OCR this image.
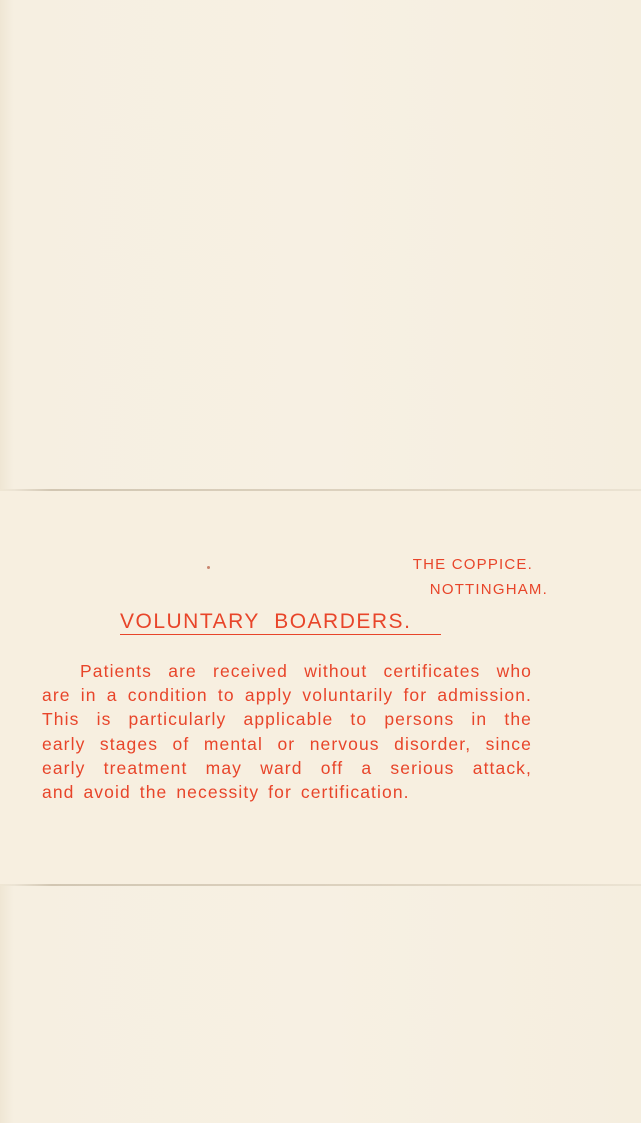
THE COPPICE.
NOTTINGHAM.
VOLUNTARY  BOARDERS.
Patients are received without certificates who
are in a condition to apply voluntarily for admission.
This is particularly applicable to persons in the
early stages of mental or nervous disorder, since
early treatment may ward off a serious attack,
and avoid the necessity for certification.
